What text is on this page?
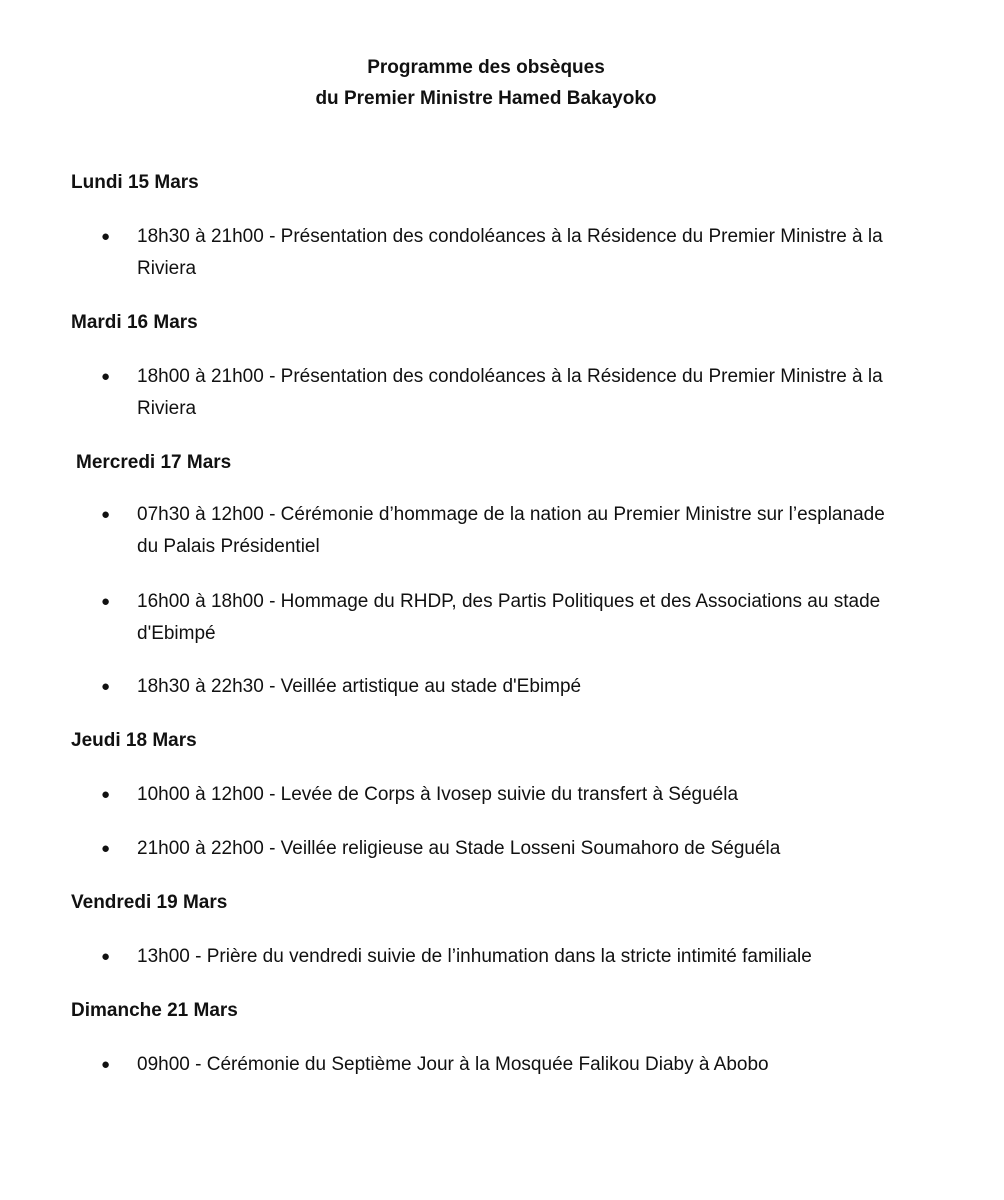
Programme des obsèques
du Premier Ministre Hamed Bakayoko
Lundi 15 Mars
● 18h30 à 21h00 - Présentation des condoléances à la Résidence du Premier Ministre à la Riviera
Mardi 16 Mars
● 18h00 à 21h00 - Présentation des condoléances à la Résidence du Premier Ministre à la Riviera
Mercredi 17 Mars
● 07h30 à 12h00 - Cérémonie d’hommage de la nation au Premier Ministre sur l’esplanade du Palais Présidentiel
● 16h00 à 18h00 - Hommage du RHDP, des Partis Politiques et des Associations au stade d'Ebimpé
● 18h30 à 22h30 - Veillée artistique au stade d'Ebimpé
Jeudi 18 Mars
● 10h00 à 12h00 - Levée de Corps à Ivosep suivie du transfert à Séguéla
● 21h00 à 22h00 - Veillée religieuse au Stade Losseni Soumahoro de Séguéla
Vendredi 19 Mars
● 13h00 - Prière du vendredi suivie de l’inhumation dans la stricte intimité familiale
Dimanche 21 Mars
● 09h00 - Cérémonie du Septième Jour à la Mosquée Falikou Diaby à Abobo
